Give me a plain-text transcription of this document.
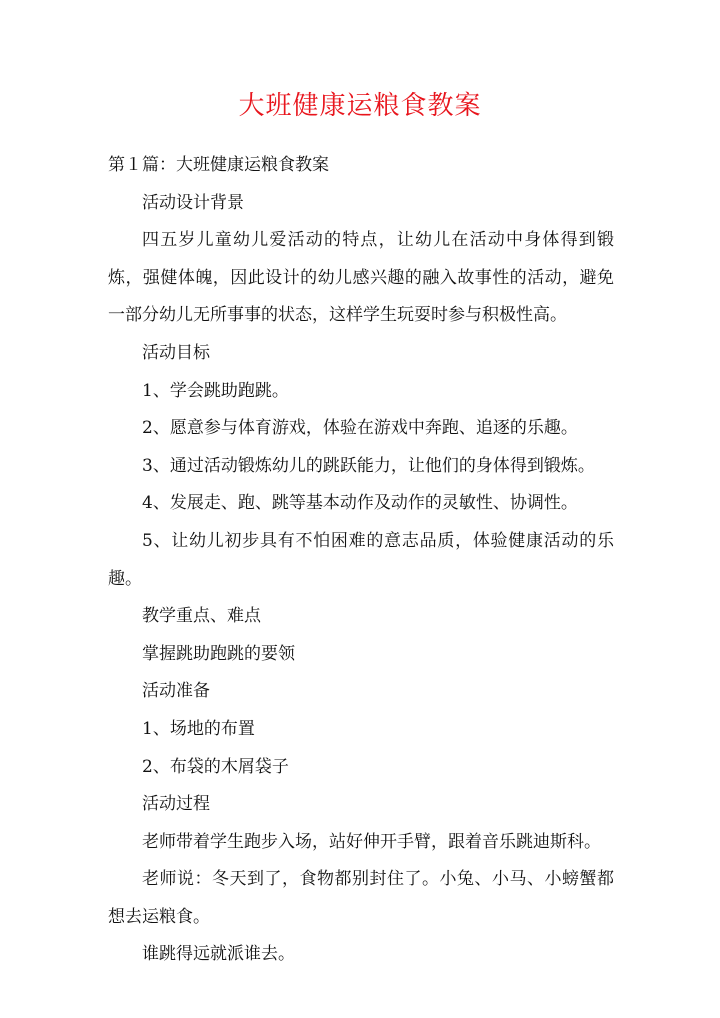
大班健康运粮食教案

第１篇：大班健康运粮食教案

活动设计背景

四五岁儿童幼儿爱活动的特点，让幼儿在活动中身体得到锻炼，强健体魄，因此设计的幼儿感兴趣的融入故事性的活动，避免一部分幼儿无所事事的状态，这样学生玩耍时参与积极性高。

活动目标

1、学会跳助跑跳。

2、愿意参与体育游戏，体验在游戏中奔跑、追逐的乐趣。

3、通过活动锻炼幼儿的跳跃能力，让他们的身体得到锻炼。

4、发展走、跑、跳等基本动作及动作的灵敏性、协调性。

5、让幼儿初步具有不怕困难的意志品质，体验健康活动的乐趣。

教学重点、难点

掌握跳助跑跳的要领

活动准备

1、场地的布置

2、布袋的木屑袋子

活动过程

老师带着学生跑步入场，站好伸开手臂，跟着音乐跳迪斯科。

老师说：冬天到了，食物都别封住了。小兔、小马、小螃蟹都想去运粮食。

谁跳得远就派谁去。
